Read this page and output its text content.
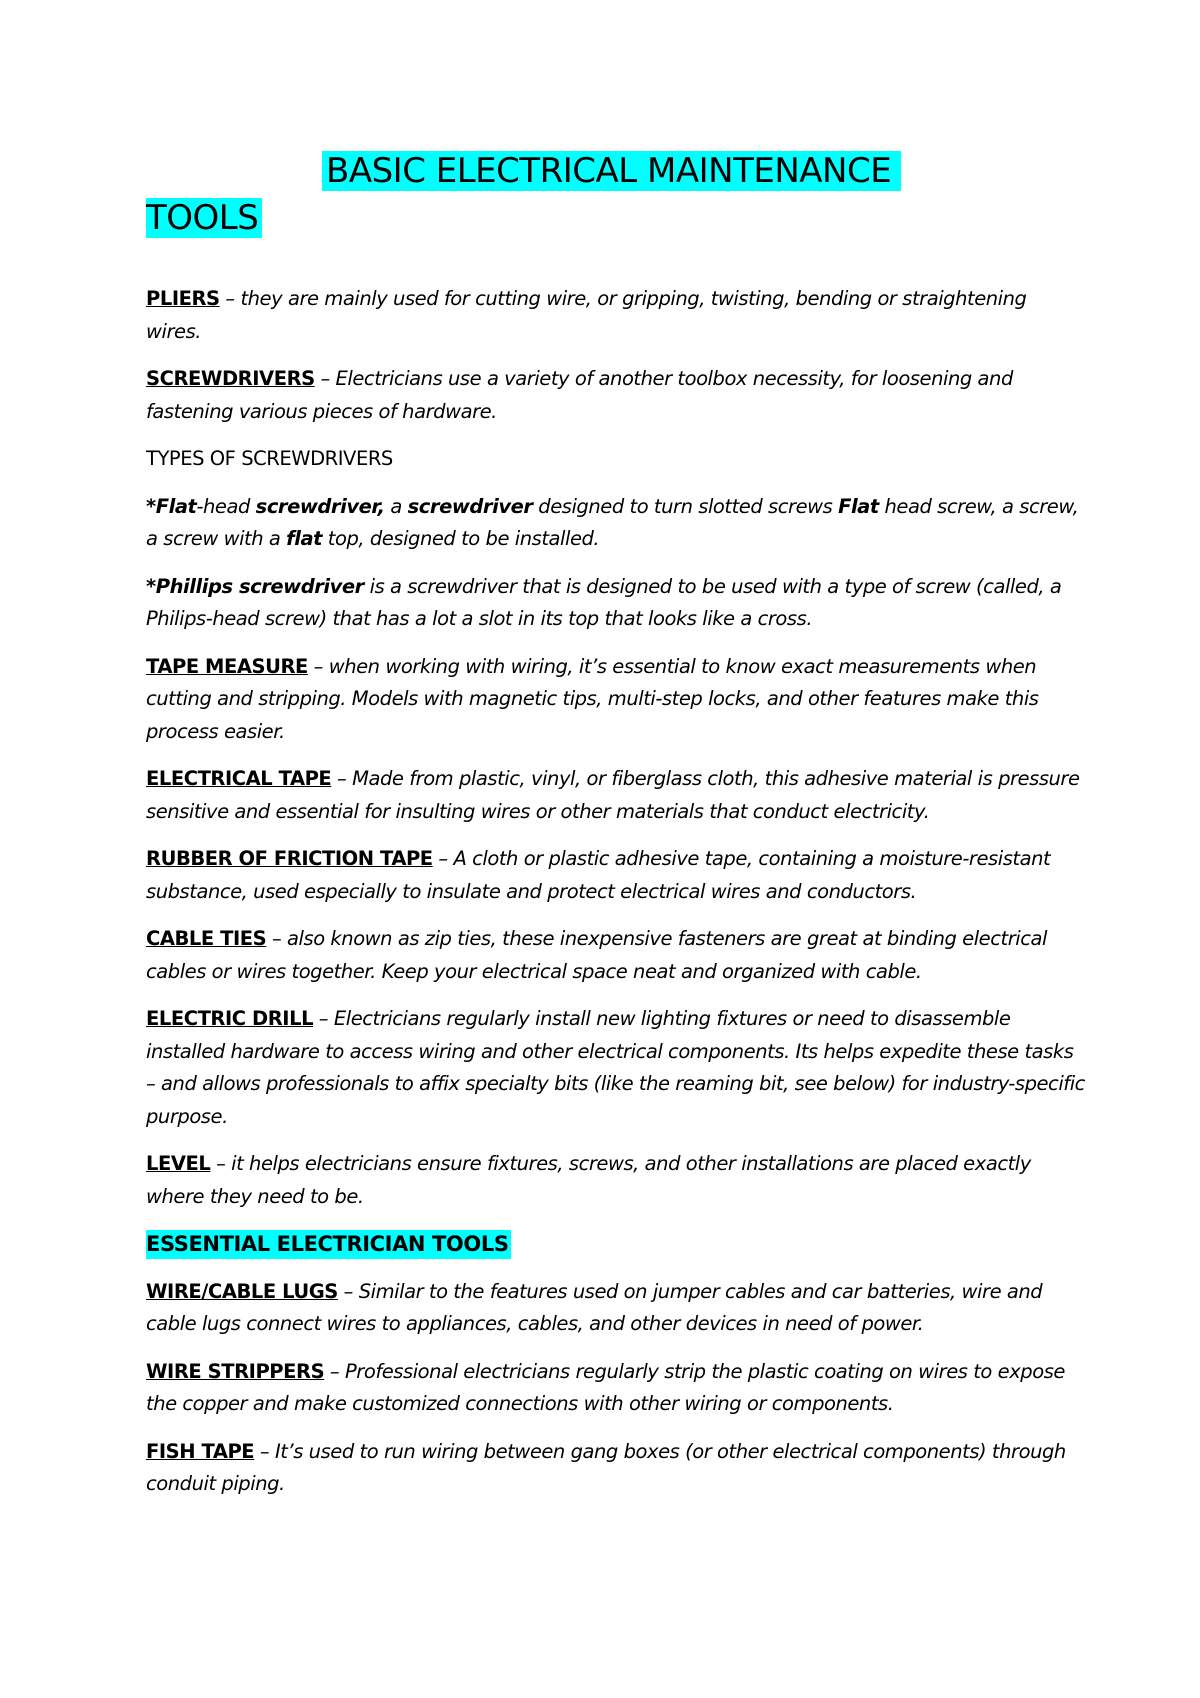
BASIC ELECTRICAL MAINTENANCE
TOOLS

PLIERS – they are mainly used for cutting wire, or gripping, twisting, bending or straightening wires.

SCREWDRIVERS – Electricians use a variety of another toolbox necessity, for loosening and fastening various pieces of hardware.

TYPES OF SCREWDRIVERS

*Flat-head screwdriver, a screwdriver designed to turn slotted screws Flat head screw, a screw, a screw with a flat top, designed to be installed.

*Phillips screwdriver is a screwdriver that is designed to be used with a type of screw (called, a Philips-head screw) that has a lot a slot in its top that looks like a cross.

TAPE MEASURE – when working with wiring, it’s essential to know exact measurements when cutting and stripping. Models with magnetic tips, multi-step locks, and other features make this process easier.

ELECTRICAL TAPE – Made from plastic, vinyl, or fiberglass cloth, this adhesive material is pressure sensitive and essential for insulting wires or other materials that conduct electricity.

RUBBER OF FRICTION TAPE – A cloth or plastic adhesive tape, containing a moisture-resistant substance, used especially to insulate and protect electrical wires and conductors.

CABLE TIES – also known as zip ties, these inexpensive fasteners are great at binding electrical cables or wires together. Keep your electrical space neat and organized with cable.

ELECTRIC DRILL – Electricians regularly install new lighting fixtures or need to disassemble installed hardware to access wiring and other electrical components. Its helps expedite these tasks – and allows professionals to affix specialty bits (like the reaming bit, see below) for industry-specific purpose.

LEVEL – it helps electricians ensure fixtures, screws, and other installations are placed exactly where they need to be.

ESSENTIAL ELECTRICIAN TOOLS

WIRE/CABLE LUGS – Similar to the features used on jumper cables and car batteries, wire and cable lugs connect wires to appliances, cables, and other devices in need of power.

WIRE STRIPPERS – Professional electricians regularly strip the plastic coating on wires to expose the copper and make customized connections with other wiring or components.

FISH TAPE – It’s used to run wiring between gang boxes (or other electrical components) through conduit piping.
